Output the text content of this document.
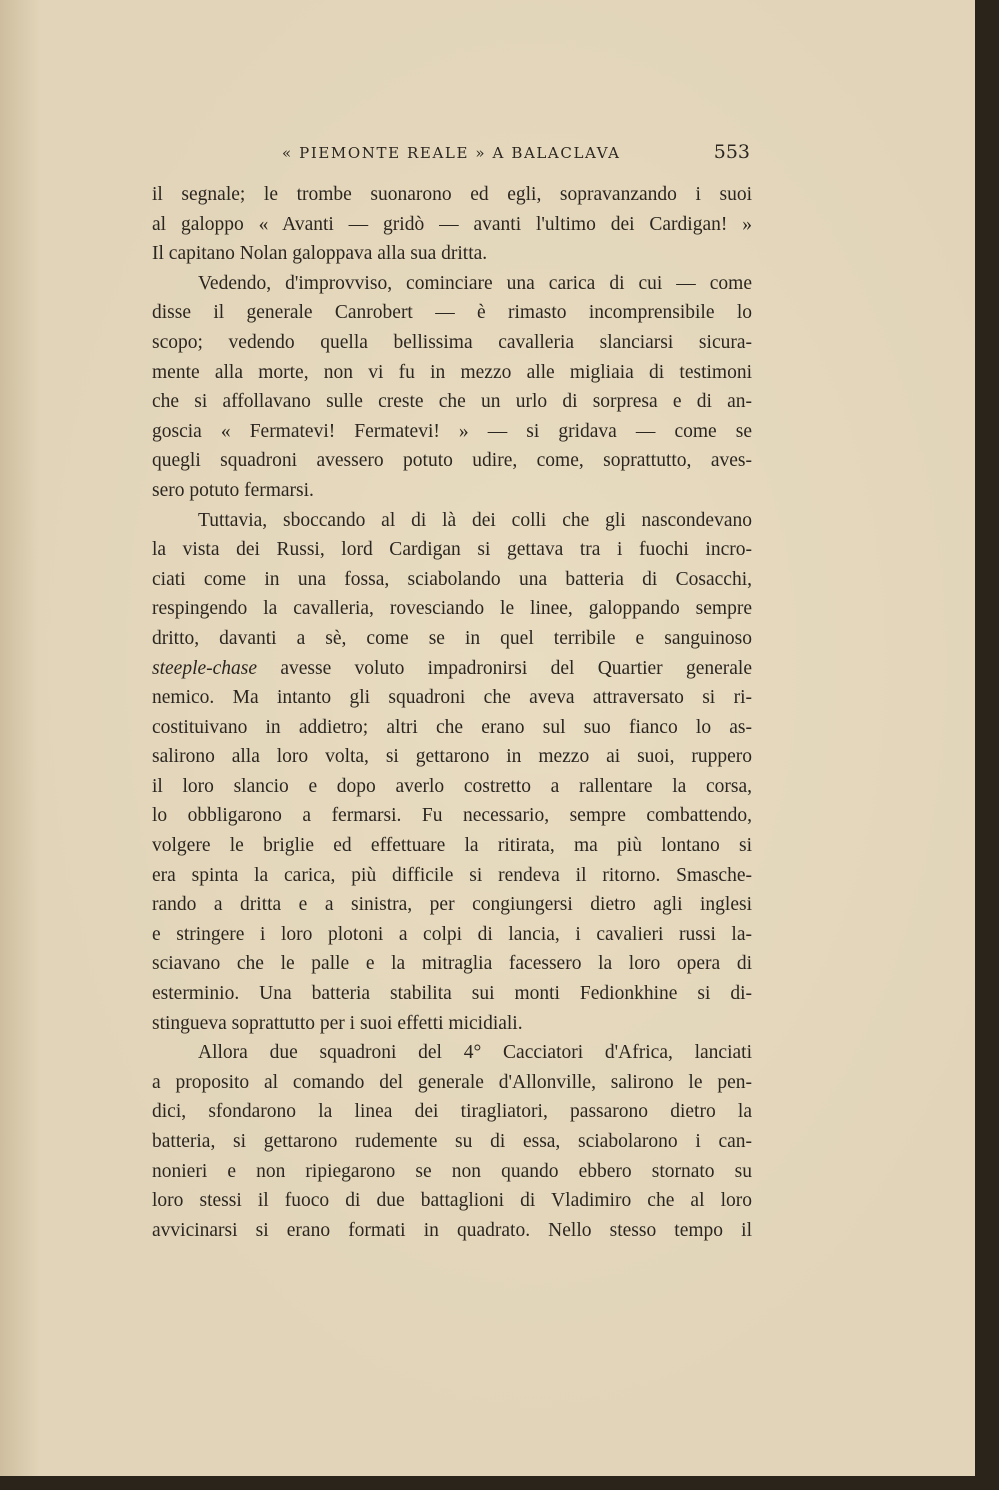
« PIEMONTE REALE » A BALACLAVA	553
il segnale; le trombe suonarono ed egli, sopravanzando i suoi
al galoppo « Avanti — gridò — avanti l'ultimo dei Cardigan! »
Il capitano Nolan galoppava alla sua dritta.
Vedendo, d'improvviso, cominciare una carica di cui — come
disse il generale Canrobert — è rimasto incomprensibile lo
scopo; vedendo quella bellissima cavalleria slanciarsi sicura-
mente alla morte, non vi fu in mezzo alle migliaia di testimoni
che si affollavano sulle creste che un urlo di sorpresa e di an-
goscia « Fermatevi! Fermatevi! » — si gridava — come se
quegli squadroni avessero potuto udire, come, soprattutto, aves-
sero potuto fermarsi.
Tuttavia, sboccando al di là dei colli che gli nascondevano
la vista dei Russi, lord Cardigan si gettava tra i fuochi incro-
ciati come in una fossa, sciabolando una batteria di Cosacchi,
respingendo la cavalleria, rovesciando le linee, galoppando sempre
dritto, davanti a sè, come se in quel terribile e sanguinoso
steeple-chase avesse voluto impadronirsi del Quartier generale
nemico. Ma intanto gli squadroni che aveva attraversato si ri-
costituivano in addietro; altri che erano sul suo fianco lo as-
salirono alla loro volta, si gettarono in mezzo ai suoi, ruppero
il loro slancio e dopo averlo costretto a rallentare la corsa,
lo obbligarono a fermarsi. Fu necessario, sempre combattendo,
volgere le briglie ed effettuare la ritirata, ma più lontano si
era spinta la carica, più difficile si rendeva il ritorno. Smasche-
rando a dritta e a sinistra, per congiungersi dietro agli inglesi
e stringere i loro plotoni a colpi di lancia, i cavalieri russi la-
sciavano che le palle e la mitraglia facessero la loro opera di
esterminio. Una batteria stabilita sui monti Fedionkhine si di-
stingueva soprattutto per i suoi effetti micidiali.
Allora due squadroni del 4° Cacciatori d'Africa, lanciati
a proposito al comando del generale d'Allonville, salirono le pen-
dici, sfondarono la linea dei tiragliatori, passarono dietro la
batteria, si gettarono rudemente su di essa, sciabolarono i can-
nonieri e non ripiegarono se non quando ebbero stornato su
loro stessi il fuoco di due battaglioni di Vladimiro che al loro
avvicinarsi si erano formati in quadrato. Nello stesso tempo il
